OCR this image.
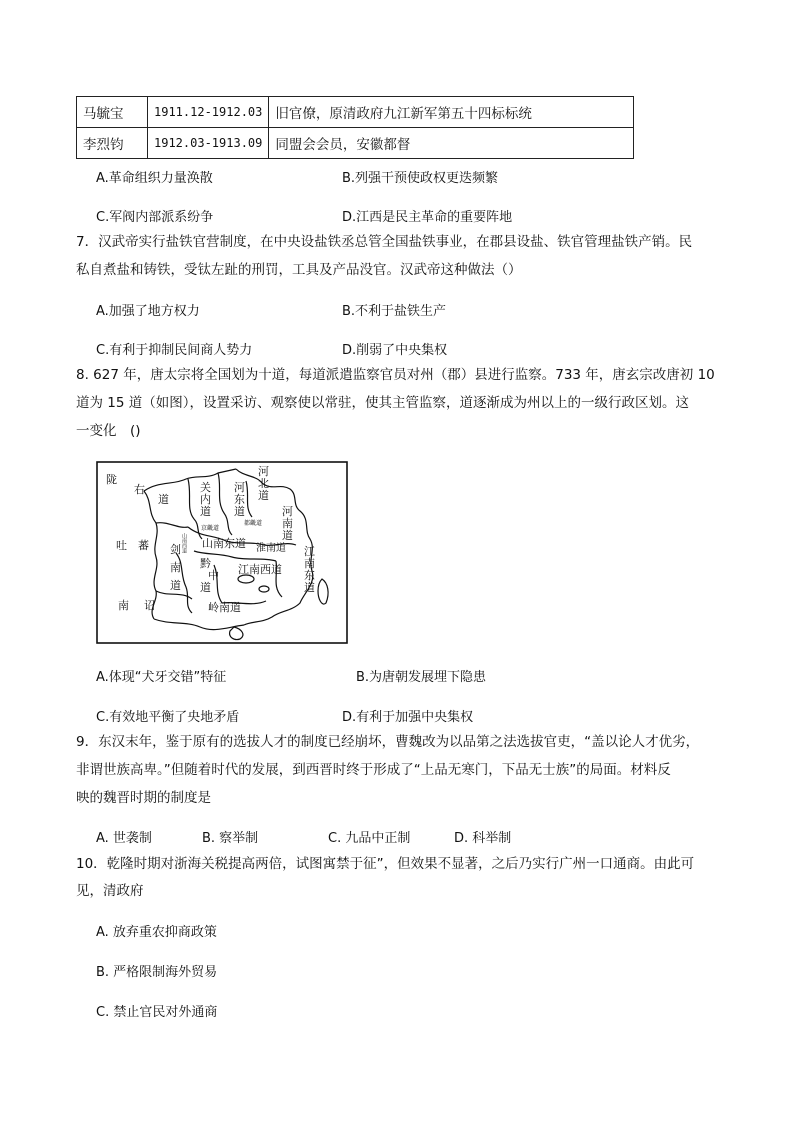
马毓宝	1911.12-1912.03	旧官僚，原清政府九江新军第五十四标标统
李烈钧	1912.03-1913.09	同盟会会员，安徽都督
A.革命组织力量涣散	B.列强干预使政权更迭频繁
C.军阀内部派系纷争	D.江西是民主革命的重要阵地
7．汉武帝实行盐铁官营制度，在中央设盐铁丞总管全国盐铁事业，在郡县设盐、铁官管理盐铁产销。民
私自煮盐和铸铁，受钛左趾的刑罚，工具及产品没官。汉武帝这种做法（）
A.加强了地方权力	B.不利于盐铁生产
C.有利于抑制民间商人势力	D.削弱了中央集权
8. 627 年，唐太宗将全国划为十道，每道派遣监察官员对州（郡）县进行监察。733 年，唐玄宗改唐初 10
道为 15 道（如图），设置采访、观察使以常驻，使其主管监察，道逐渐成为州以上的一级行政区划。这
一变化　()
陇
右
道
吐　蕃
关
内
道
河
北
道
河
东
道	河
南
道
京畿道
都畿道
山南西道 山南东道 淮南道
剑
南
道
黔
中
道
江南西道
江
南
东
道
岭南道
南 诏
A.体现“犬牙交错”特征	B.为唐朝发展埋下隐患
C.有效地平衡了央地矛盾	D.有利于加强中央集权
9．东汉末年，鉴于原有的选拔人才的制度已经崩坏，曹魏改为以品第之法选拔官吏，“盖以论人才优劣，
非谓世族高卑。”但随着时代的发展，到西晋时终于形成了“上品无寒门，下品无士族”的局面。材料反
映的魏晋时期的制度是
A. 世袭制	B. 察举制	C. 九品中正制	D. 科举制
10．乾隆时期对浙海关税提高两倍，试图寓禁于征”，但效果不显著，之后乃实行广州一口通商。由此可
见，清政府
A. 放弃重农抑商政策
B. 严格限制海外贸易
C. 禁止官民对外通商
